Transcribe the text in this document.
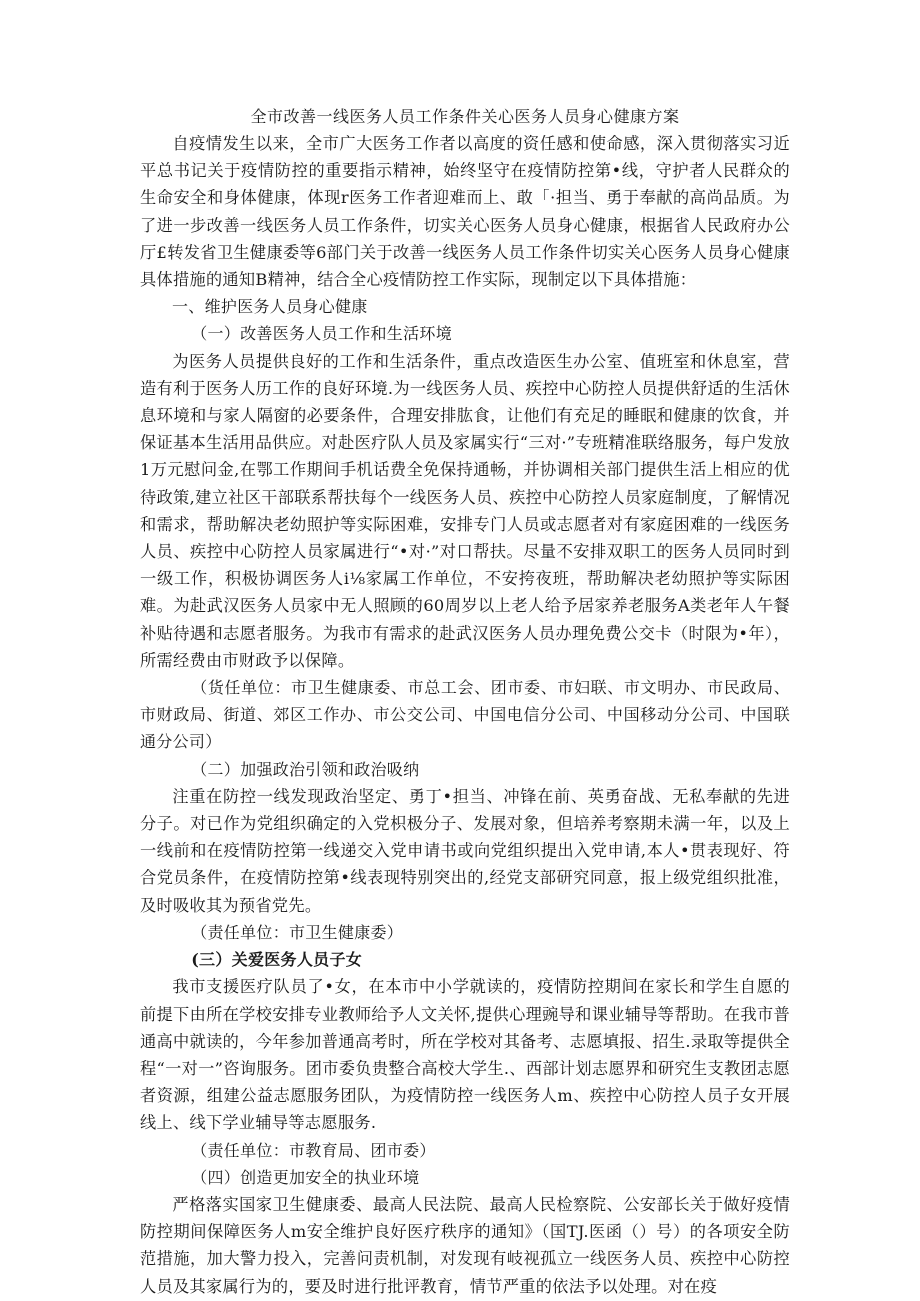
全市改善一线医务人员工作条件关心医务人员身心健康方案

自疫情发生以来，全市广大医务工作者以高度的资任感和使命感，深入贯彻落实习近平总书记关于疫情防控的重要指示精神，始终坚守在疫情防控第•线，守护者人民群众的生命安全和身体健康，体现r医务工作者迎难而上、敢「·担当、勇于奉献的高尚品质。为了进一步改善一线医务人员工作条件，切实关心医务人员身心健康，根据省人民政府办公厅£转发省卫生健康委等6部门关于改善一线医务人员工作条件切实关心医务人员身心健康具体措施的通知B精神，结合全心疫情防控工作实际，现制定以下具体措施：

一、维护医务人员身心健康

（一）改善医务人员工作和生活环境

为医务人员提供良好的工作和生活条件，重点改造医生办公室、值班室和休息室，营造有利于医务人历工作的良好环境.为一线医务人员、疾控中心防控人员提供舒适的生活休息环境和与家人隔窗的必要条件，合理安排肱食，让他们有充足的睡眠和健康的饮食，并保证基本生活用品供应。对赴医疗队人员及家属实行“三对·”专班精准联络服务，每户发放1万元慰问金,在鄂工作期间手机话费全免保持通畅，并协调相关部门提供生活上相应的优待政策,建立社区干部联系帮扶每个一线医务人员、疾控中心防控人员家庭制度，了解情况和需求，帮助解决老幼照护等实际困难，安排专门人员或志愿者对有家庭困难的一线医务人员、疾控中心防控人员家属进行“•对·”对口帮扶。尽量不安排双职工的医务人员同时到一级工作，积极协调医务人i⅛家属工作单位，不安挎夜班，帮助解决老幼照护等实际困难。为赴武汉医务人员家中无人照顾的60周岁以上老人给予居家养老服务A类老年人午餐补贴待遇和志愿者服务。为我市有需求的赴武汉医务人员办理免费公交卡（时限为•年），所需经费由市财政予以保障。

（货任单位：市卫生健康委、市总工会、团市委、市妇联、市文明办、市民政局、市财政局、街道、郊区工作办、市公交公司、中国电信分公司、中国移动分公司、中国联通分公司）

（二）加强政治引领和政治吸纳

注重在防控一线发现政治坚定、勇丁•担当、冲锋在前、英勇奋战、无私奉献的先进分子。对已作为党组织确定的入党枳极分子、发展对象，但培养考察期未满一年，以及上一线前和在疫情防控第一线递交入党申请书或向党组织提出入党申请,本人•贯表现好、符合党员条件，在疫情防控第•线表现特别突出的,经党支部研究同意，报上级党组织批准，及时吸收其为预省党先。

（责任单位：市卫生健康委）

(三）关爱医务人员子女

我市支援医疗队员了•女，在本市中小学就读的，疫情防控期间在家长和学生自愿的前提下由所在学校安排专业教师给予人文关怀,提供心理豌导和课业辅导等帮助。在我市普通高中就读的，今年参加普通高考时，所在学校对其备考、志愿填报、招生.录取等提供全程“一对一”咨询服务。团市委负贵整合高校大学生.、西部计划志愿界和研究生支教团志愿者资源，组建公益志愿服务团队，为疫情防控一线医务人m、疾控中心防控人员子女开展线上、线下学业辅导等志愿服务.

（责任单位：市教育局、团市委）

（四）创造更加安全的执业环境

严格落实国家卫生健康委、最高人民法院、最高人民检察院、公安部长关于做好疫情防控期间保障医务人m安全维护良好医疗秩序的通知》（国TJ.医函（）号）的各项安全防范措施，加大警力投入，完善问责机制，对发现有岐视孤立一线医务人员、疾控中心防控人员及其家属行为的，要及时进行批评教育，情节严重的依法予以处理。对在疫
